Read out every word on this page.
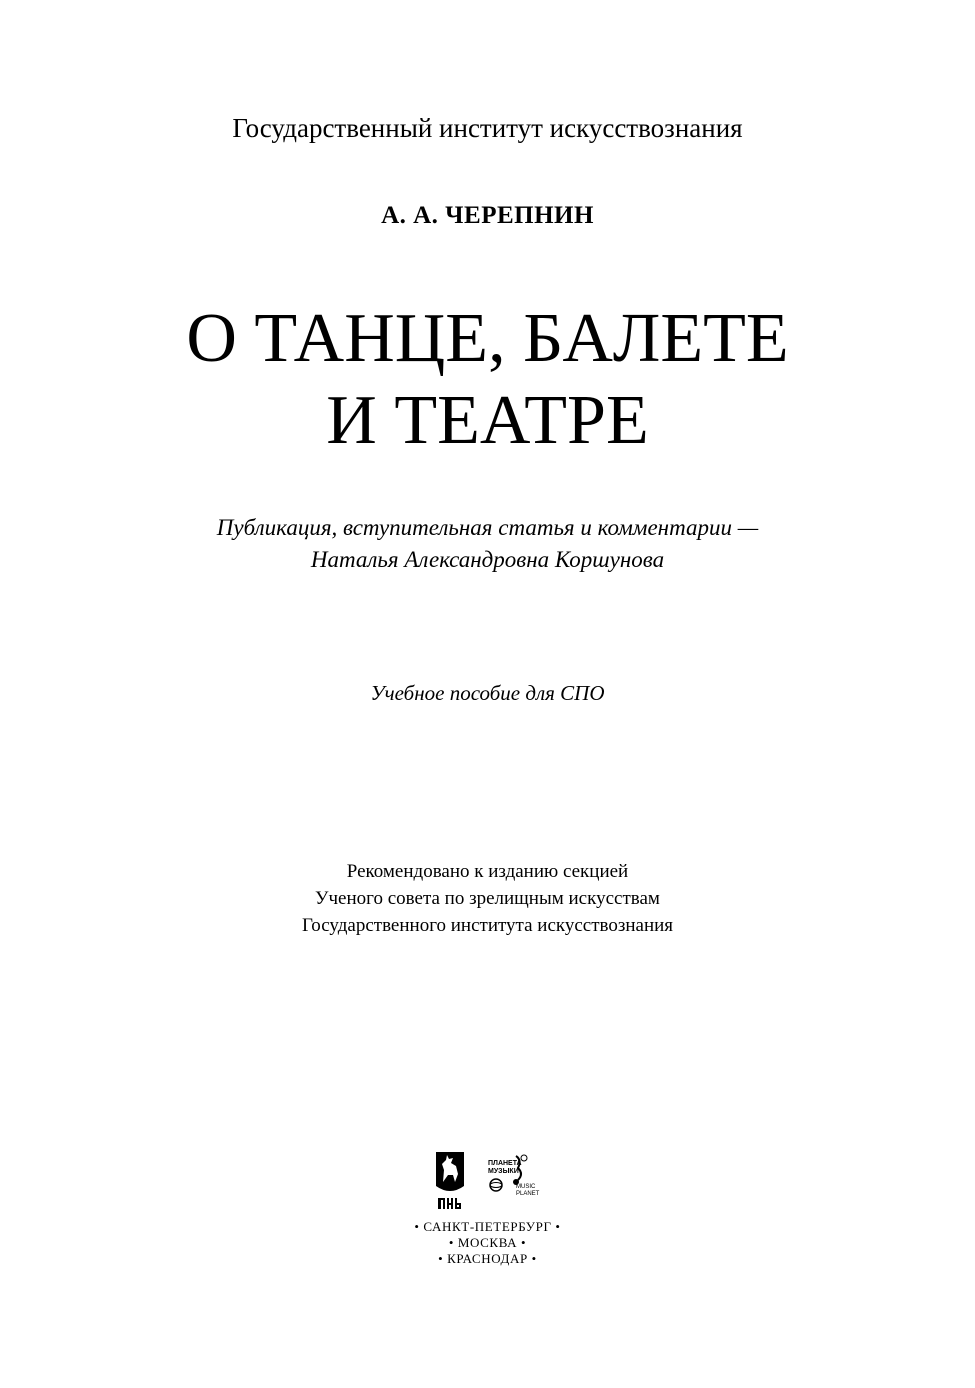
Государственный институт искусствознания

А. А. ЧЕРЕПНИН

О ТАНЦЕ, БАЛЕТЕ
И ТЕАТРЕ

Публикация, вступительная статья и комментарии —

Наталья Александровна Коршунова

Учебное пособие для СПО

Рекомендовано к изданию секцией

Ученого совета по зрелищным искусствам

Государственного института искусствознания

ПЛАНЕТА
МУЗЫКИ
MUSIC
PLANET

• САНКТ-ПЕТЕРБУРГ •

• МОСКВА •

• КРАСНОДАР •
